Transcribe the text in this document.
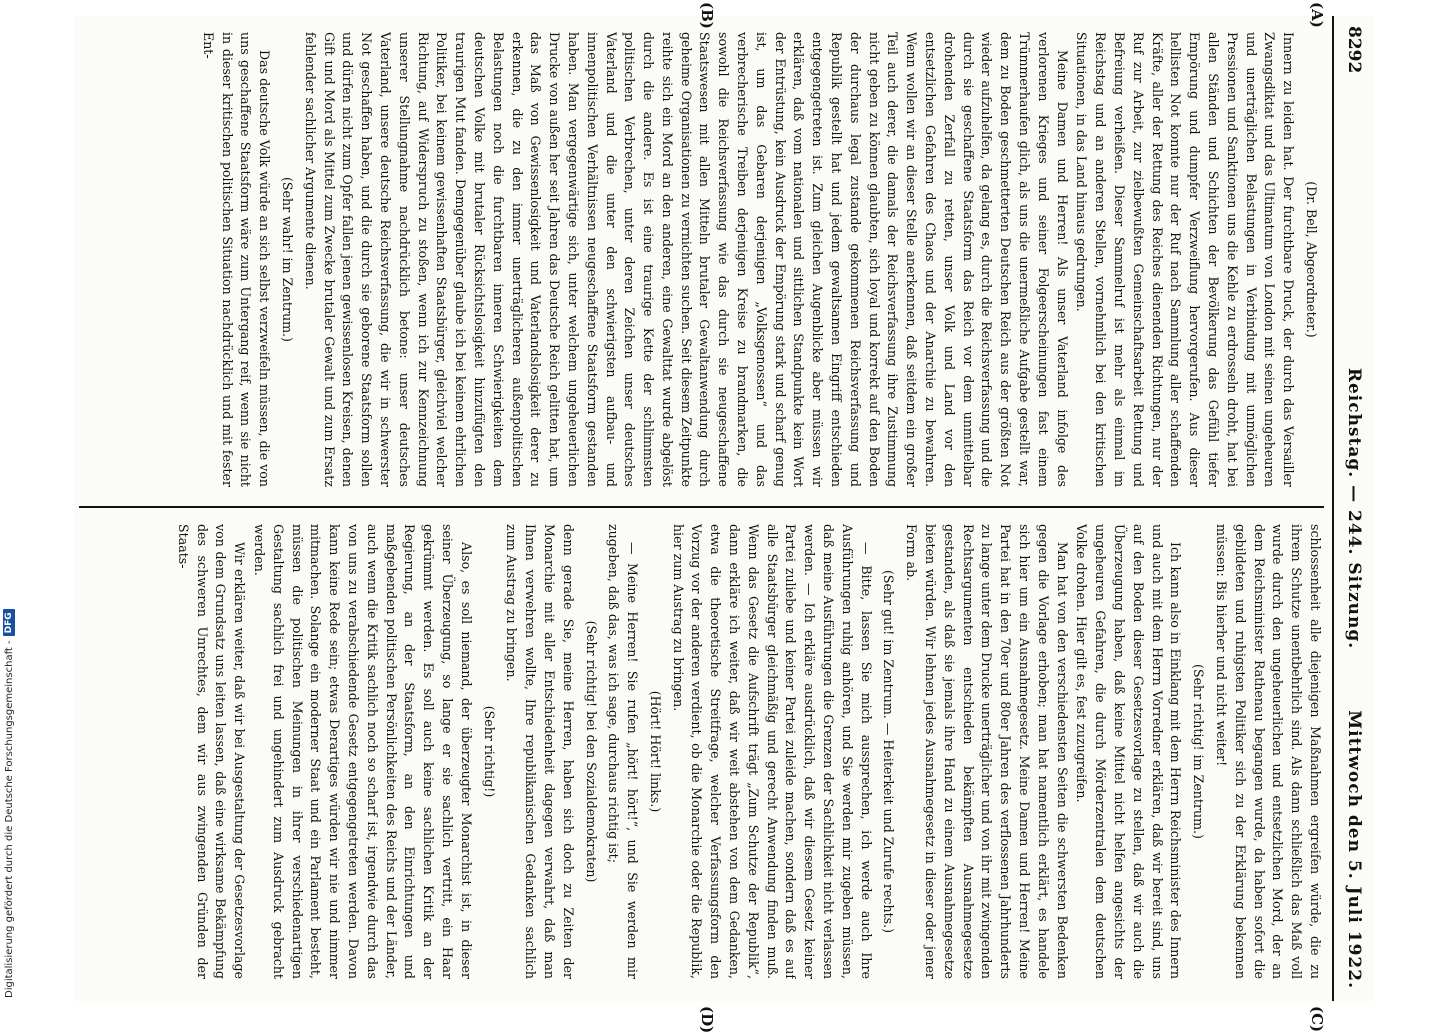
8292
Reichstag. — 244. Sitzung.
Mittwoch den 5. Juli 1922.
(A)
(B)
(C)
(D)

(Dr. Bell, Abgeordneter.)

Innern zu leiden hat. Der furchtbare Druck, der durch das Versailler Zwangsdiktat und das Ultimatum von London mit seinen ungeheuren und unerträglichen Belastungen in Verbindung mit unmöglichen Pressionen und Sanktionen uns die Kehle zu erdrosseln droht, hat bei allen Ständen und Schichten der Bevölkerung das Gefühl tiefer Empörung und dumpfer Verzweiflung hervorgerufen. Aus dieser hellisten Not konnte nur der Ruf nach Sammlung aller schaffenden Kräfte, aller der Rettung des Reiches dienenden Richtungen, nur der Ruf zur Arbeit, zur zielbewußten Gemeinschaftsarbeit Rettung und Befreiung verheißen. Dieser Sammelruf ist mehr als einmal im Reichstag und an anderen Stellen, vornehmlich bei den kritischen Situationen, in das Land hinaus gedrungen.

Meine Damen und Herren! Als unser Vaterland infolge des verlorenen Krieges und seiner Folgeerscheinungen fast einem Trümmerhaufen glich, als uns die unermeßliche Aufgabe gestellt war, dem zu Boden geschmetterten Deutschen Reich aus der größten Not wieder aufzuhelfen, da gelang es, durch die Reichsverfassung und die durch sie geschaffene Staatsform das Reich vor dem unmittelbar drohenden Zerfall zu retten, unser Volk und Land vor den entsetzlichen Gefahren des Chaos und der Anarchie zu bewahren. Wenn wollen wir an dieser Stelle anerkennen, daß seitdem ein großer Teil auch derer, die damals der Reichsverfassung ihre Zustimmung nicht geben zu können glaubten, sich loyal und korrekt auf den Boden der durchaus legal zustande gekommenen Reichsverfassung und Republik gestellt hat und jedem gewaltsamen Eingriff entschieden entgegengetreten ist. Zum gleichen Augenblicke aber müssen wir erklären, daß vom nationalen und sittlichen Standpunkte kein Wort der Entrüstung, kein Ausdruck der Empörung stark und scharf genug ist, um das Gebaren derjenigen „Volksgenossen“ und das verbrecherische Treiben derjenigen Kreise zu brandmarken, die sowohl die Reichsverfassung wie das durch sie neugeschaffene Staatswesen mit allen Mitteln brutaler Gewaltanwendung durch geheime Organisationen zu vernichten suchen. Seit diesem Zeitpunkte reihte sich ein Mord an den anderen, eine Gewalttat wurde abgelöst durch die andere. Es ist eine traurige Kette der schlimmsten politischen Verbrechen, unter deren Zeichen unser deutsches Vaterland und die unter den schwierigsten aufbau- und innenpolitischen Verhältnissen neugeschaffene Staatsform gestanden haben. Man vergegenwärtige sich, unter welchem ungeheuerlichen Drucke von außen her seit Jahren das Deutsche Reich gelitten hat, um das Maß von Gewissenlosigkeit und Vaterlandslosigkeit derer zu erkennen, die zu den immer unerträglicheren außenpolitischen Belastungen noch die furchtbaren inneren Schwierigkeiten dem deutschen Volke mit brutaler Rücksichtslosigkeit hinzufügten den traurigen Mut fanden. Demgegenüber glaube ich bei keinem ehrlichen Politiker, bei keinem gewissenhaften Staatsbürger, gleichviel welcher Richtung, auf Widerspruch zu stoßen, wenn ich zur Kennzeichnung unserer Stellungnahme nachdrücklich betone: unser deutsches Vaterland, unsere deutsche Reichsverfassung, die wir in schwerster Not geschaffen haben, und die durch sie geborene Staatsform sollen und dürfen nicht zum Opfer fallen jenen gewissenlosen Kreisen, denen Gift und Mord als Mittel zum Zwecke brutaler Gewalt und zum Ersatz fehlender sachlicher Argumente dienen.

(Sehr wahr! im Zentrum.)

Das deutsche Volk würde an sich selbst verzweifeln müssen, die von uns geschaffene Staatsform wäre zum Untergang reif, wenn sie nicht in dieser kritischen politischen Situation nachdrücklich und mit fester Ent-

schlossenheit alle diejenigen Maßnahmen ergreifen würde, die zu ihrem Schutze unentbehrlich sind. Als dann schließlich das Maß voll wurde durch den ungeheuerlichen und entsetzlichen Mord, der an dem Reichsminister Rathenau begangen wurde, da haben sofort die gebildeten und ruhigsten Politiker sich zu der Erklärung bekennen müssen: Bis hierher und nicht weiter!

(Sehr richtig! im Zentrum.)

Ich kann also in Einklang mit dem Herrn Reichsminister des Innern und auch mit dem Herrn Vorredner erklären, daß wir bereit sind, uns auf den Boden dieser Gesetzesvorlage zu stellen, daß wir auch die Überzeugung haben, daß keine Mittel nicht helfen angesichts der ungeheuren Gefahren, die durch Mörderzentralen dem deutschen Volke drohen. Hier gilt es, fest zuzugreifen.

Man hat von den verschiedensten Seiten die schwersten Bedenken gegen die Vorlage erhoben; man hat namentlich erklärt, es handele sich hier um ein Ausnahmegesetz. Meine Damen und Herren! Meine Partei hat in den 70er und 80er Jahren des verflossenen Jahrhunderts zu lange unter dem Drucke unerträglicher und von ihr mit zwingenden Rechtsargumenten entschieden bekämpften Ausnahmegesetze gestanden, als daß sie jemals ihre Hand zu einem Ausnahmegesetze bieten würden. Wir lehnen jedes Ausnahmegesetz in dieser oder jener Form ab.

(Sehr gut! im Zentrum. — Heiterkeit und Zurufe rechts.)

— Bitte, lassen Sie mich aussprechen, ich werde auch Ihre Ausführungen ruhig anhören, und Sie werden mir zugeben müssen, daß meine Ausführungen die Grenzen der Sachlichkeit nicht verlassen werden. — Ich erkläre ausdrücklich, daß wir diesem Gesetz keiner Partei zuliebe und keiner Partei zuleide machen, sondern daß es auf alle Staatsbürger gleichmäßig und gerecht Anwendung finden muß. Wenn das Gesetz die Aufschrift trägt „Zum Schutze der Republik“, dann erkläre ich weiter, daß wir weit abstehen von dem Gedanken, etwa die theoretische Streitfrage, welcher Verfassungsform den Vorzug vor der anderen verdient, ob die Monarchie oder die Republik, hier zum Austrag zu bringen.

(Hört! Hört! links.)

— Meine Herren! Sie rufen „hört! hört!“, und Sie werden mir zugeben, daß das, was ich sage, durchaus richtig ist;

(Sehr richtig! bei den Sozialdemokraten)

denn gerade Sie, meine Herren, haben sich doch zu Zeiten der Monarchie mit aller Entschiedenheit dagegen verwahrt, daß man Ihnen verwehren wollte, Ihre republikanischen Gedanken sachlich zum Austrag zu bringen.

(Sehr richtig!)

Also, es soll niemand, der überzeugter Monarchist ist, in dieser seiner Überzeugung, so lange er sie sachlich vertritt, ein Haar gekrümmt werden. Es soll auch keine sachlichen Kritik an der Regierung, an der Staatsform, an den Einrichtungen und maßgebenden politischen Persönlichkeiten des Reichs und der Länder, auch wenn die Kritik sachlich noch so scharf ist, irgendwie durch das von uns zu verabschiedende Gesetz entgegengetreten werden. Davon kann keine Rede sein; etwas Derartiges würden wir nie und nimmer mitmachen. Solange ein moderner Staat und ein Parlament besteht, müssen die politischen Meinungen in ihrer verschiedenartigen Gestaltung sachlich frei und ungehindert zum Ausdruck gebracht werden.

Wir erklären weiter, daß wir bei Ausgestaltung der Gesetzesvorlage von dem Grundsatz uns leiten lassen, daß eine wirksame Bekämpfung des schweren Unrechtes, dem wir aus zwingenden Gründen der Staats-

Digitalisierung gefördert durch die Deutsche Forschungsgemeinschaft -
DFG
